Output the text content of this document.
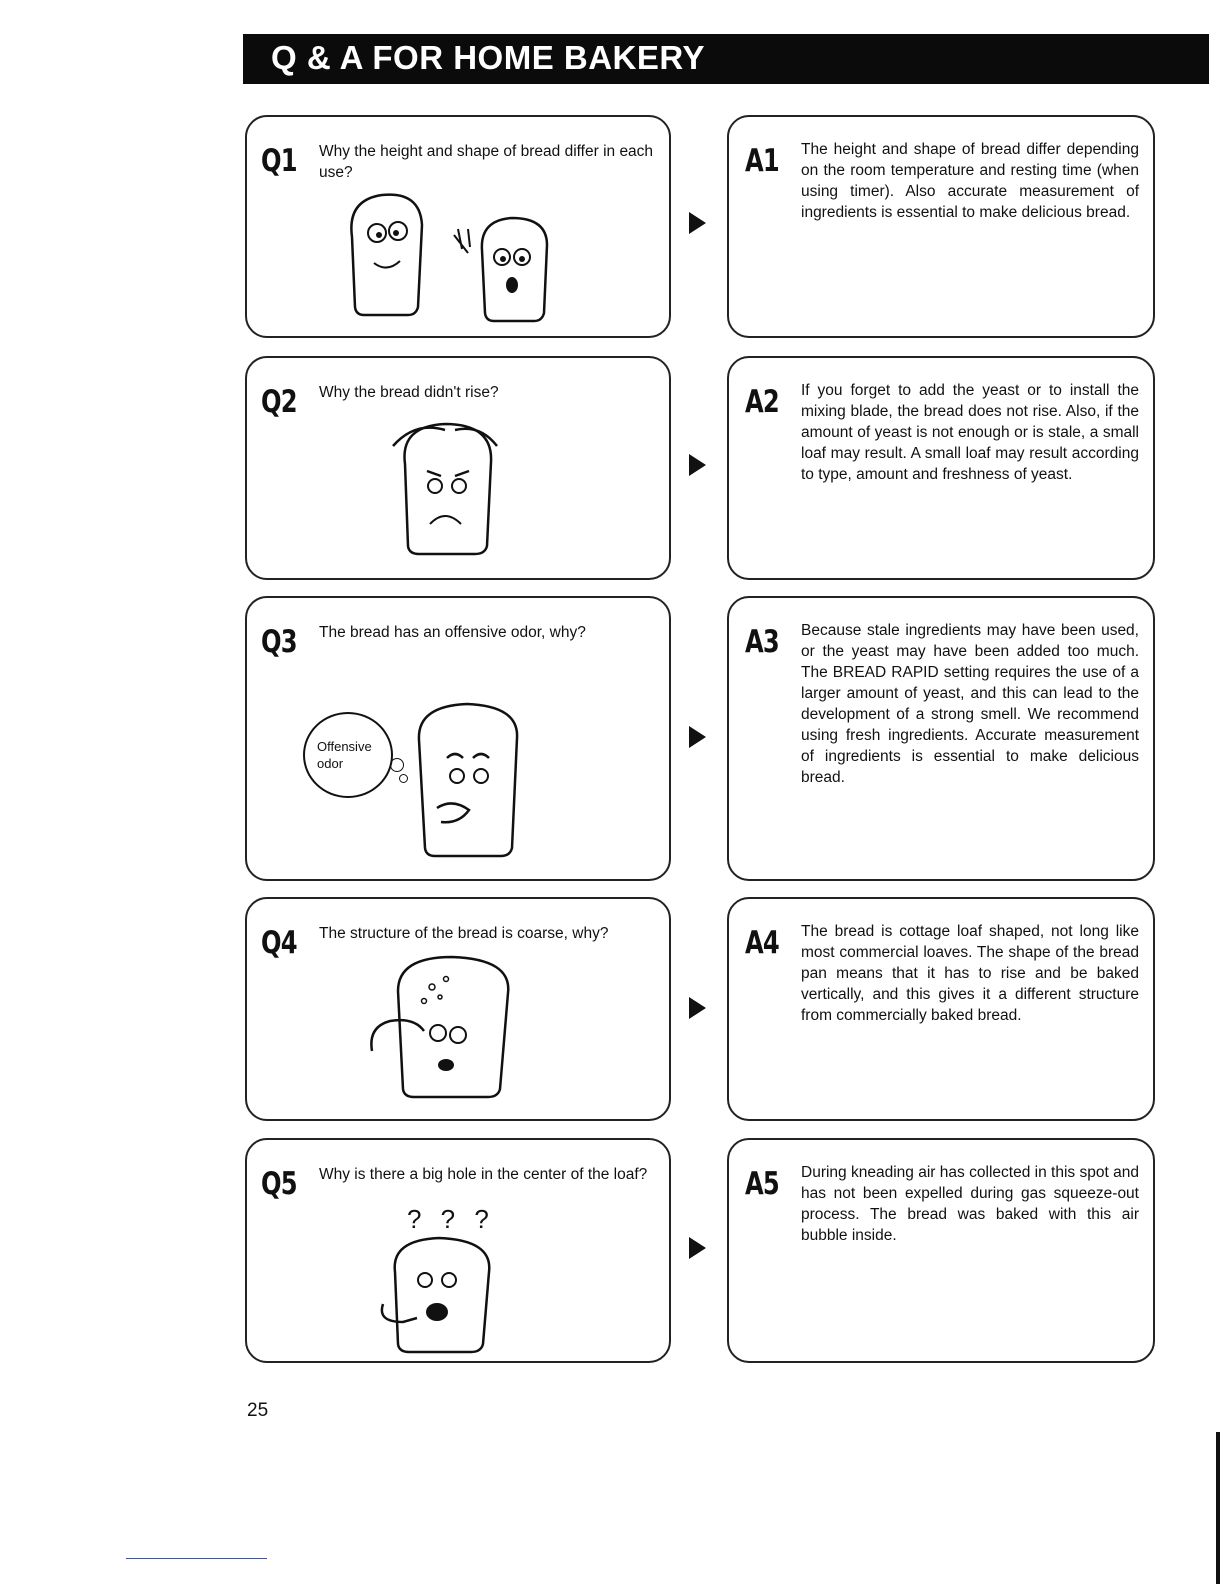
Q & A FOR HOME BAKERY
Q1 Why the height and shape of bread differ in each use?	A1 The height and shape of bread differ depending on the room temperature and resting time (when using timer). Also accurate measurement of ingredients is essential to make delicious bread.
Q2 Why the bread didn't rise?	A2 If you forget to add the yeast or to install the mixing blade, the bread does not rise. Also, if the amount of yeast is not enough or is stale, a small loaf may result. A small loaf may result according to type, amount and freshness of yeast.
Q3 The bread has an offensive odor, why?
Offensive odor
A3 Because stale ingredients may have been used, or the yeast may have been added too much. The BREAD RAPID setting requires the use of a larger amount of yeast, and this can lead to the development of a strong smell. We recommend using fresh ingredients. Accurate measurement of ingredients is essential to make delicious bread.
Q4 The structure of the bread is coarse, why?	A4 The bread is cottage loaf shaped, not long like most commercial loaves. The shape of the bread pan means that it has to rise and be baked vertically, and this gives it a different structure from commercially baked bread.
Q5 Why is there a big hole in the center of the loaf?
? ? ?
A5 During kneading air has collected in this spot and has not been expelled during gas squeeze-out process. The bread was baked with this air bubble inside.
25
